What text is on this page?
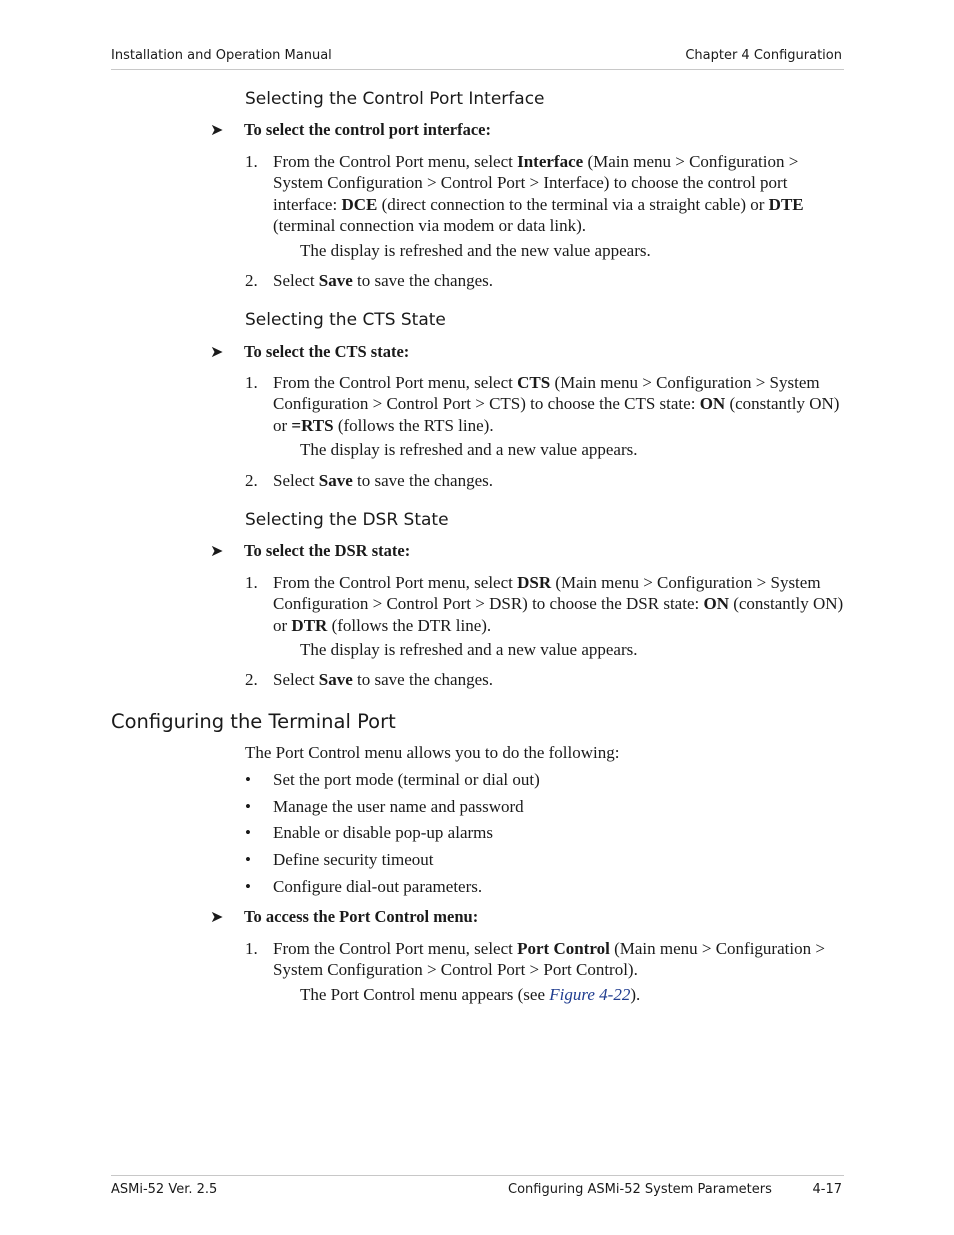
Installation and Operation Manual	Chapter 4 Configuration
Selecting the Control Port Interface
➤ To select the control port interface:
1. From the Control Port menu, select Interface (Main menu > Configuration > System Configuration > Control Port > Interface) to choose the control port interface: DCE (direct connection to the terminal via a straight cable) or DTE (terminal connection via modem or data link).
The display is refreshed and the new value appears.
2. Select Save to save the changes.
Selecting the CTS State
➤ To select the CTS state:
1. From the Control Port menu, select CTS (Main menu > Configuration > System Configuration > Control Port > CTS) to choose the CTS state: ON (constantly ON) or =RTS (follows the RTS line).
The display is refreshed and a new value appears.
2. Select Save to save the changes.
Selecting the DSR State
➤ To select the DSR state:
1. From the Control Port menu, select DSR (Main menu > Configuration > System Configuration > Control Port > DSR) to choose the DSR state: ON (constantly ON) or DTR (follows the DTR line).
The display is refreshed and a new value appears.
2. Select Save to save the changes.
Configuring the Terminal Port
The Port Control menu allows you to do the following:
• Set the port mode (terminal or dial out)
• Manage the user name and password
• Enable or disable pop-up alarms
• Define security timeout
• Configure dial-out parameters.
➤ To access the Port Control menu:
1. From the Control Port menu, select Port Control (Main menu > Configuration > System Configuration > Control Port > Port Control).
The Port Control menu appears (see Figure 4-22).
ASMi-52 Ver. 2.5	Configuring ASMi-52 System Parameters	4-17
